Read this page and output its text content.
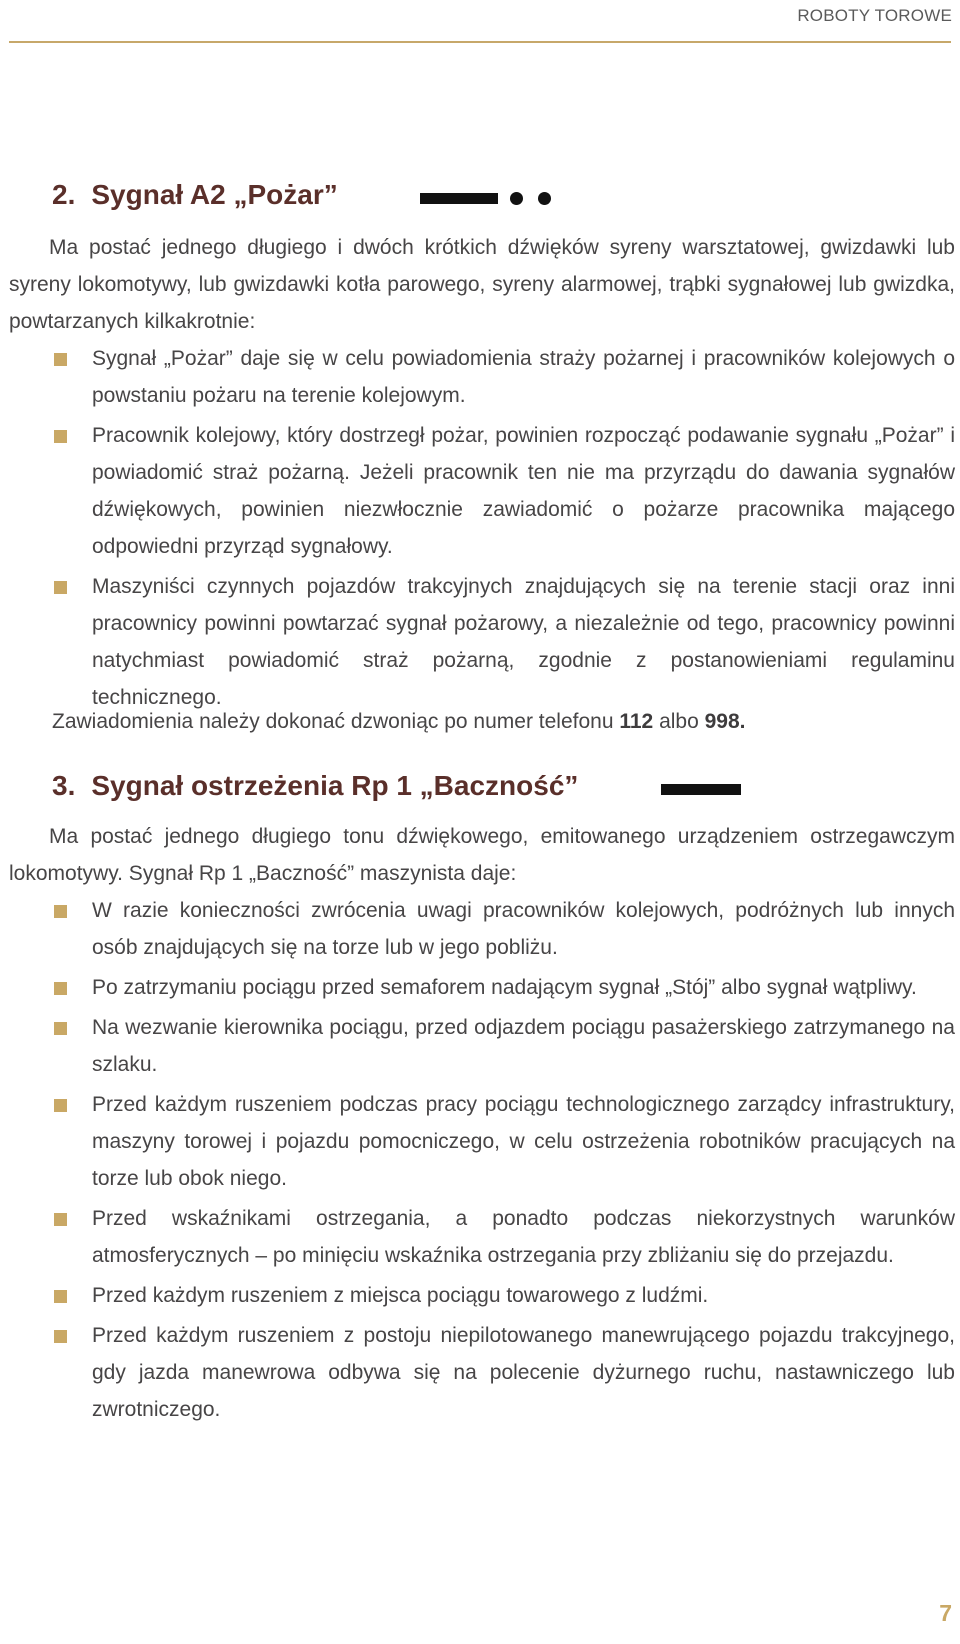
ROBOTY TOROWE
2. Sygnał A2 „Pożar”
Ma postać jednego długiego i dwóch krótkich dźwięków syreny warsztatowej, gwizdawki lub syreny lokomotywy, lub gwizdawki kotła parowego, syreny alarmowej, trąbki sygnałowej lub gwizdka, powtarzanych kilkakrotnie:
Sygnał „Pożar” daje się w celu powiadomienia straży pożarnej i pracowników kolejowych o powstaniu pożaru na terenie kolejowym.
Pracownik kolejowy, który dostrzegł pożar, powinien rozpocząć podawanie sygnału „Pożar” i powiadomić straż pożarną. Jeżeli pracownik ten nie ma przyrządu do dawania sygnałów dźwiękowych, powinien niezwłocznie zawiadomić o pożarze pracownika mającego odpowiedni przyrząd sygnałowy.
Maszyniści czynnych pojazdów trakcyjnych znajdujących się na terenie stacji oraz inni pracownicy powinni powtarzać sygnał pożarowy, a niezależnie od tego, pracownicy powinni natychmiast powiadomić straż pożarną, zgodnie z postanowieniami regulaminu technicznego.
Zawiadomienia należy dokonać dzwoniąc po numer telefonu 112 albo 998.
3. Sygnał ostrzeżenia Rp 1 „Baczność”
Ma postać jednego długiego tonu dźwiękowego, emitowanego urządzeniem ostrzegawczym lokomotywy. Sygnał Rp 1 „Baczność” maszynista daje:
W razie konieczności zwrócenia uwagi pracowników kolejowych, podróżnych lub innych osób znajdujących się na torze lub w jego pobliżu.
Po zatrzymaniu pociągu przed semaforem nadającym sygnał „Stój” albo sygnał wątpliwy.
Na wezwanie kierownika pociągu, przed odjazdem pociągu pasażerskiego zatrzymanego na szlaku.
Przed każdym ruszeniem podczas pracy pociągu technologicznego zarządcy infrastruktury, maszyny torowej i pojazdu pomocniczego, w celu ostrzeżenia robotników pracujących na torze lub obok niego.
Przed wskaźnikami ostrzegania, a ponadto podczas niekorzystnych warunków atmosferycznych – po minięciu wskaźnika ostrzegania przy zbliżaniu się do przejazdu.
Przed każdym ruszeniem z miejsca pociągu towarowego z ludźmi.
Przed każdym ruszeniem z postoju niepilotowanego manewrującego pojazdu trakcyjnego, gdy jazda manewrowa odbywa się na polecenie dyżurnego ruchu, nastawniczego lub zwrotniczego.
7
